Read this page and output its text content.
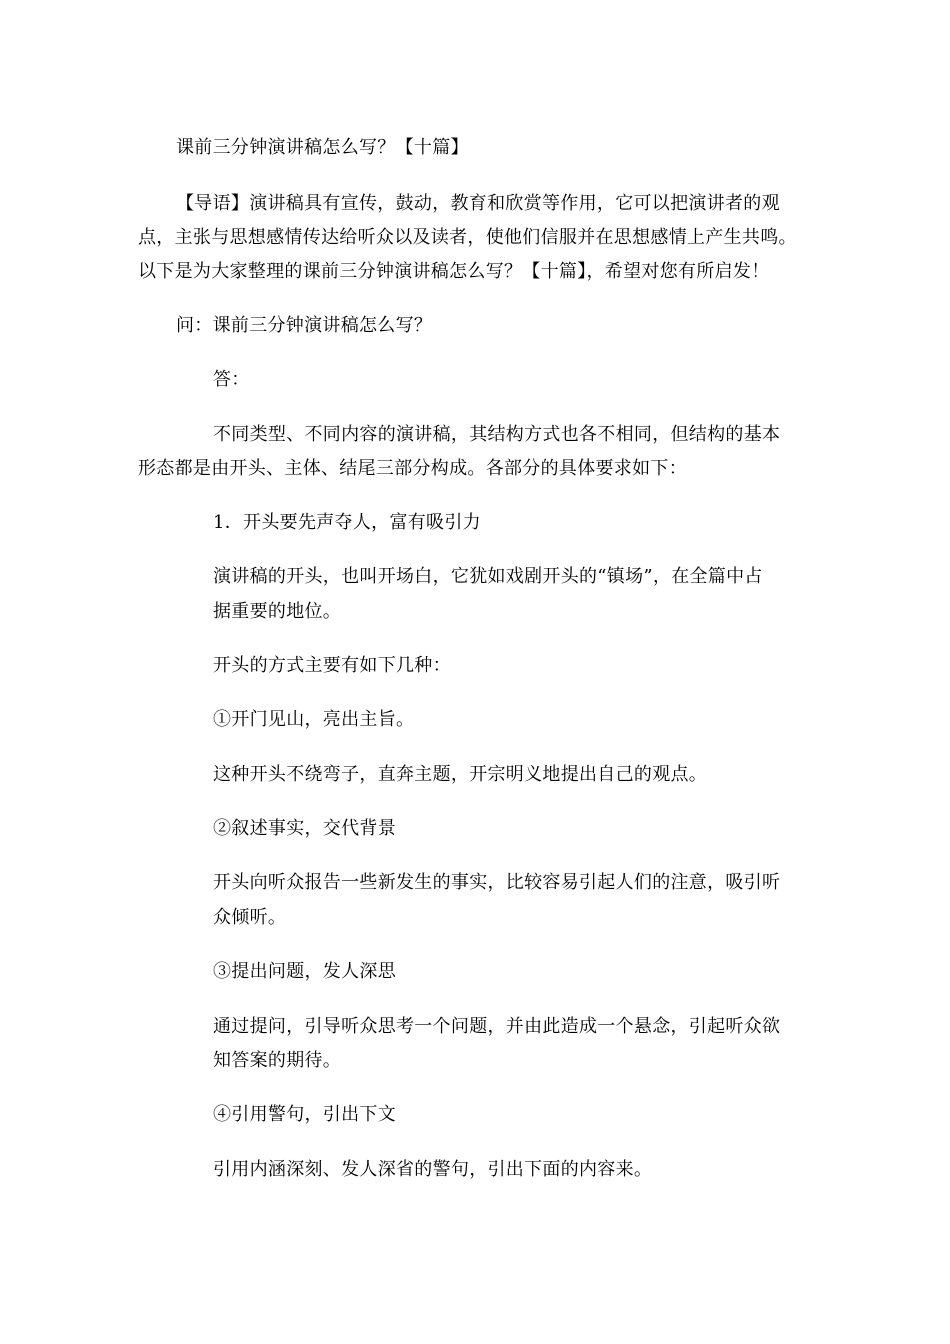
课前三分钟演讲稿怎么写？【十篇】
【导语】演讲稿具有宣传，鼓动，教育和欣赏等作用，它可以把演讲者的观
点，主张与思想感情传达给听众以及读者，使他们信服并在思想感情上产生共鸣。
以下是为大家整理的课前三分钟演讲稿怎么写？【十篇】，希望对您有所启发！
问：课前三分钟演讲稿怎么写？
答：
不同类型、不同内容的演讲稿，其结构方式也各不相同，但结构的基本
形态都是由开头、主体、结尾三部分构成。各部分的具体要求如下：
1．开头要先声夺人，富有吸引力
演讲稿的开头，也叫开场白，它犹如戏剧开头的“镇场”，在全篇中占
据重要的地位。
开头的方式主要有如下几种：
①开门见山，亮出主旨。
这种开头不绕弯子，直奔主题，开宗明义地提出自己的观点。
②叙述事实，交代背景
开头向听众报告一些新发生的事实，比较容易引起人们的注意，吸引听
众倾听。
③提出问题，发人深思
通过提问，引导听众思考一个问题，并由此造成一个悬念，引起听众欲
知答案的期待。
④引用警句，引出下文
引用内涵深刻、发人深省的警句，引出下面的内容来。
